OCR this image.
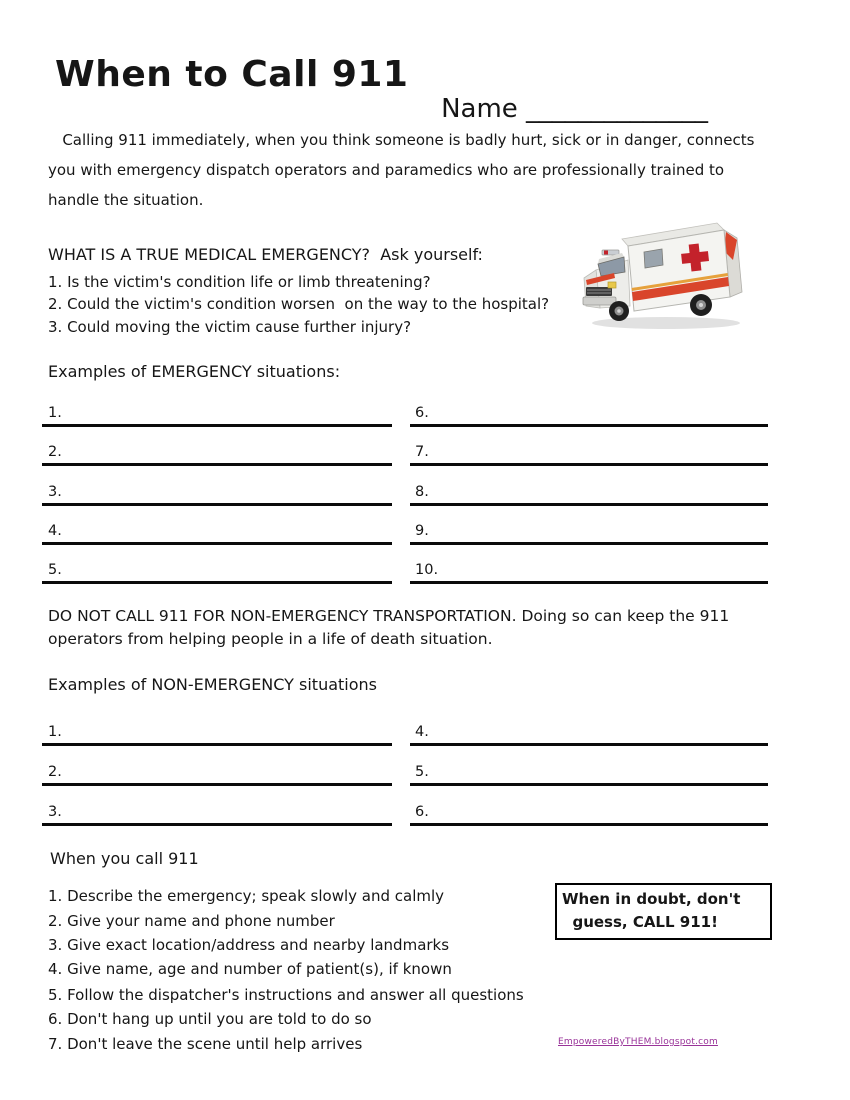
When to Call 911

Name ______________

Calling 911 immediately, when you think someone is badly hurt, sick or in danger, connects
you with emergency dispatch operators and paramedics who are professionally trained to
handle the situation.
WHAT IS A TRUE MEDICAL EMERGENCY?  Ask yourself:
1. Is the victim's condition life or limb threatening?
2. Could the victim's condition worsen  on the way to the hospital?
3. Could moving the victim cause further injury?
Examples of EMERGENCY situations:
1.
2.
3.
4.
5.
6.
7.
8.
9.
10.
DO NOT CALL 911 FOR NON-EMERGENCY TRANSPORTATION. Doing so can keep the 911
operators from helping people in a life of death situation.
Examples of NON-EMERGENCY situations
1.
2.
3.
4.
5.
6.
When you call 911
1. Describe the emergency; speak slowly and calmly
2. Give your name and phone number
3. Give exact location/address and nearby landmarks
4. Give name, age and number of patient(s), if known
5. Follow the dispatcher's instructions and answer all questions
6. Don't hang up until you are told to do so
7. Don't leave the scene until help arrives
When in doubt, don't
guess, CALL 911!
EmpoweredByTHEM.blogspot.com
